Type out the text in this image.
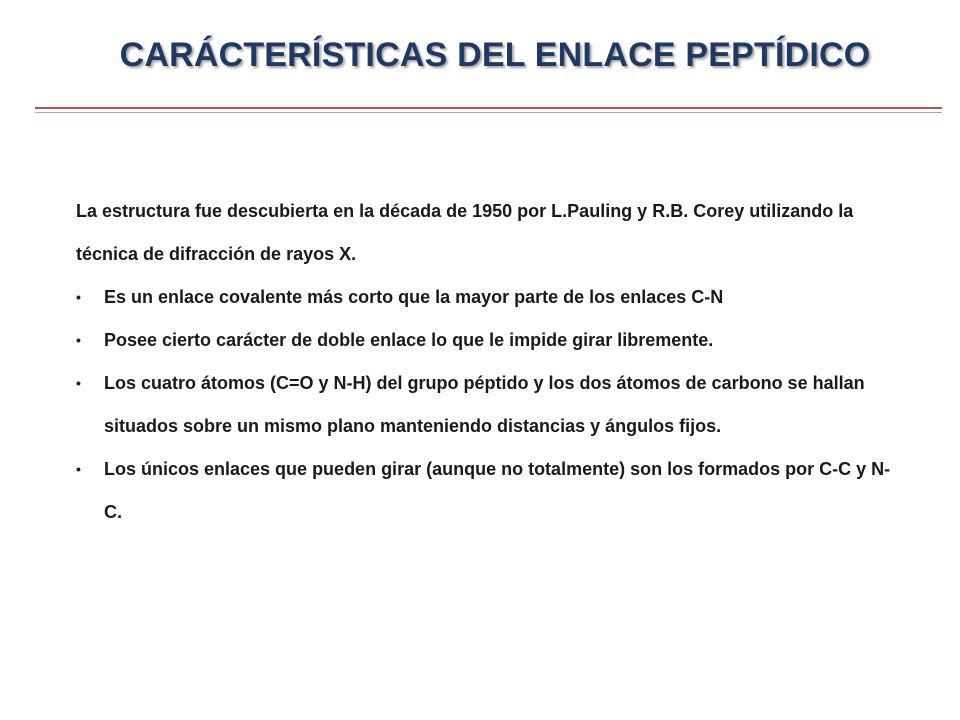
CARÁCTERÍSTICAS DEL ENLACE PEPTÍDICO

La estructura fue descubierta en la década de 1950 por L.Pauling y R.B. Corey utilizando la técnica de difracción de rayos X.

• Es un enlace covalente más corto que la mayor parte de los enlaces C-N
• Posee cierto carácter de doble enlace lo que le impide girar libremente.
• Los cuatro átomos (C=O y N-H) del grupo péptido y los dos átomos de carbono se hallan situados sobre un mismo plano manteniendo distancias y ángulos fijos.
• Los únicos enlaces que pueden girar (aunque no totalmente) son los formados por C-C y N-C.
